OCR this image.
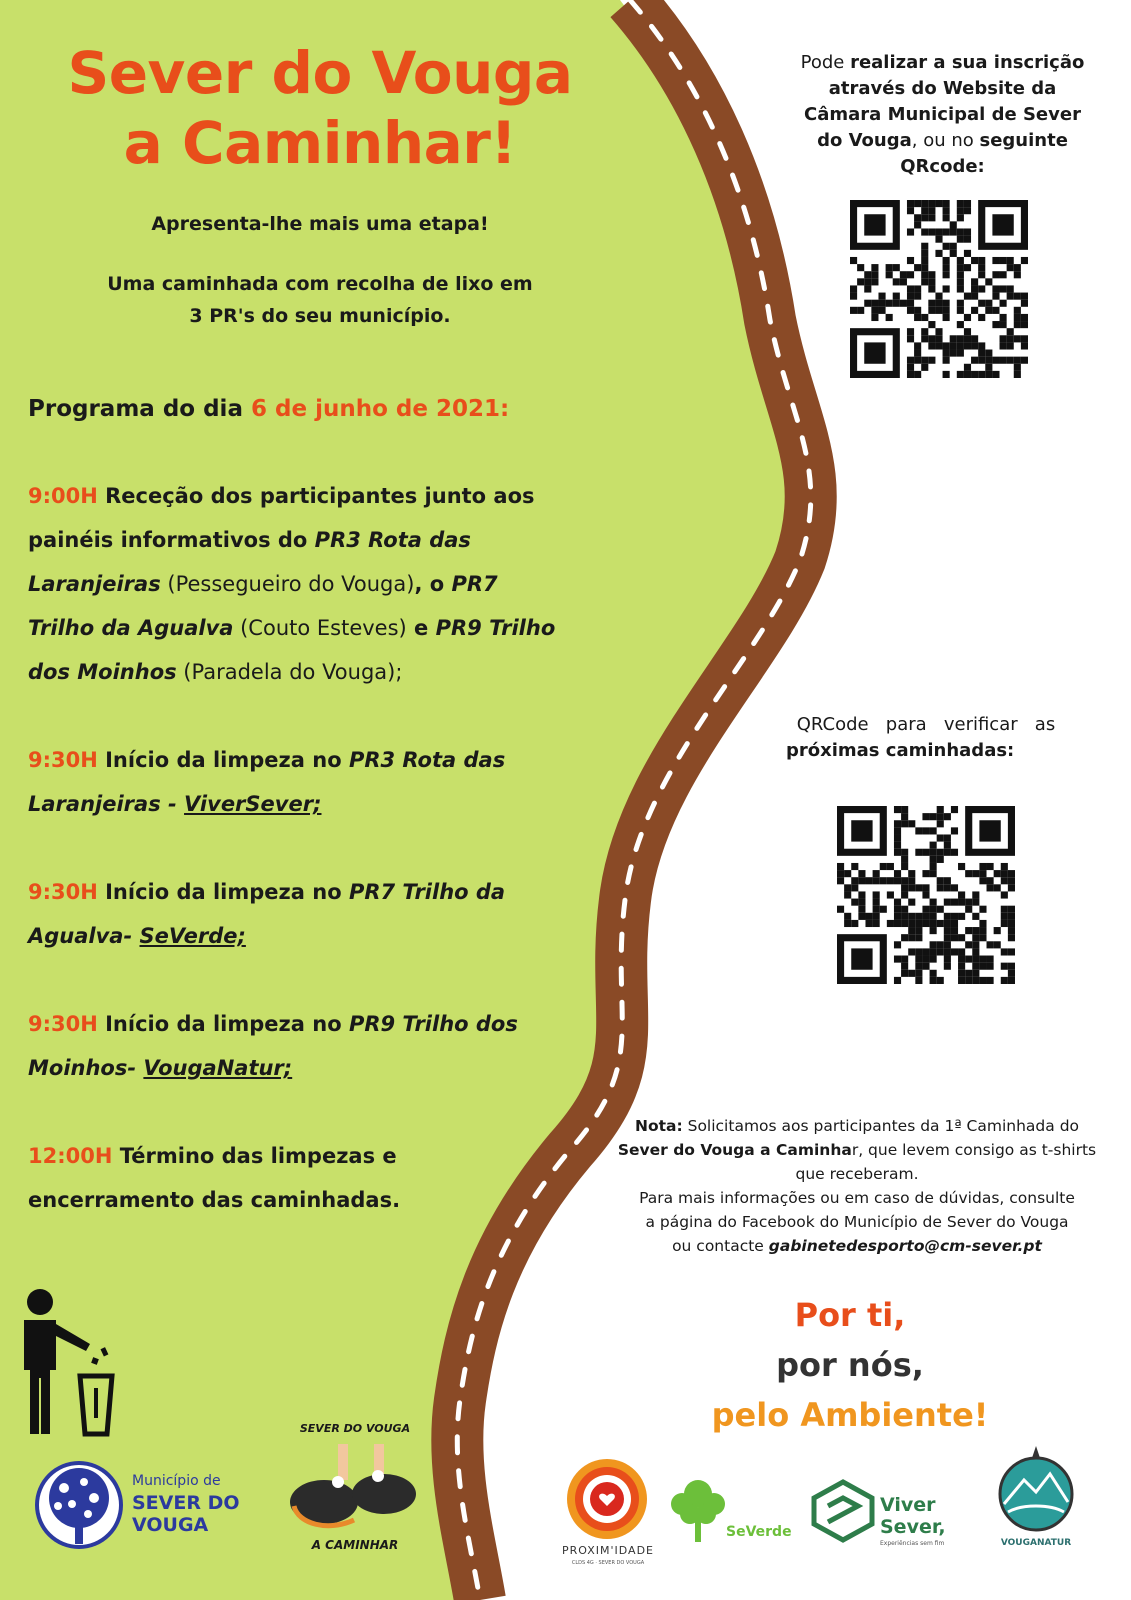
Sever do Vouga
a Caminhar!
Apresenta-lhe mais uma etapa!
Uma caminhada com recolha de lixo em
3 PR's do seu município.
Programa do dia 6 de junho de 2021:
9:00H Receção dos participantes junto aos
painéis informativos do PR3 Rota das
Laranjeiras (Pessegueiro do Vouga), o PR7
Trilho da Agualva (Couto Esteves) e PR9 Trilho
dos Moinhos (Paradela do Vouga);
9:30H Início da limpeza no PR3 Rota das
Laranjeiras - ViverSever;
9:30H Início da limpeza no PR7 Trilho da
Agualva- SeVerde;
9:30H Início da limpeza no PR9 Trilho dos
Moinhos- VougaNatur;
12:00H Término das limpezas e
encerramento das caminhadas.
Pode realizar a sua inscrição
através do Website da
Câmara Municipal de Sever
do Vouga, ou no seguinte
QRcode:
QRCode   para   verificar   as
próximas caminhadas:
Nota: Solicitamos aos participantes da 1ª Caminhada do
Sever do Vouga a Caminhar, que levem consigo as t-shirts
que receberam.
Para mais informações ou em caso de dúvidas, consulte
a página do Facebook do Município de Sever do Vouga
ou contacte gabinetedesporto@cm-sever.pt
Por ti,
por nós,
pelo Ambiente!
Município de
SEVER DO
VOUGA
SEVER DO VOUGA
A CAMINHAR	PROXIM'IDADE
CLDS 4G · SEVER DO VOUGA
SeVerde
Viver
Sever,
Experiências sem fim	VOUGANATUR
